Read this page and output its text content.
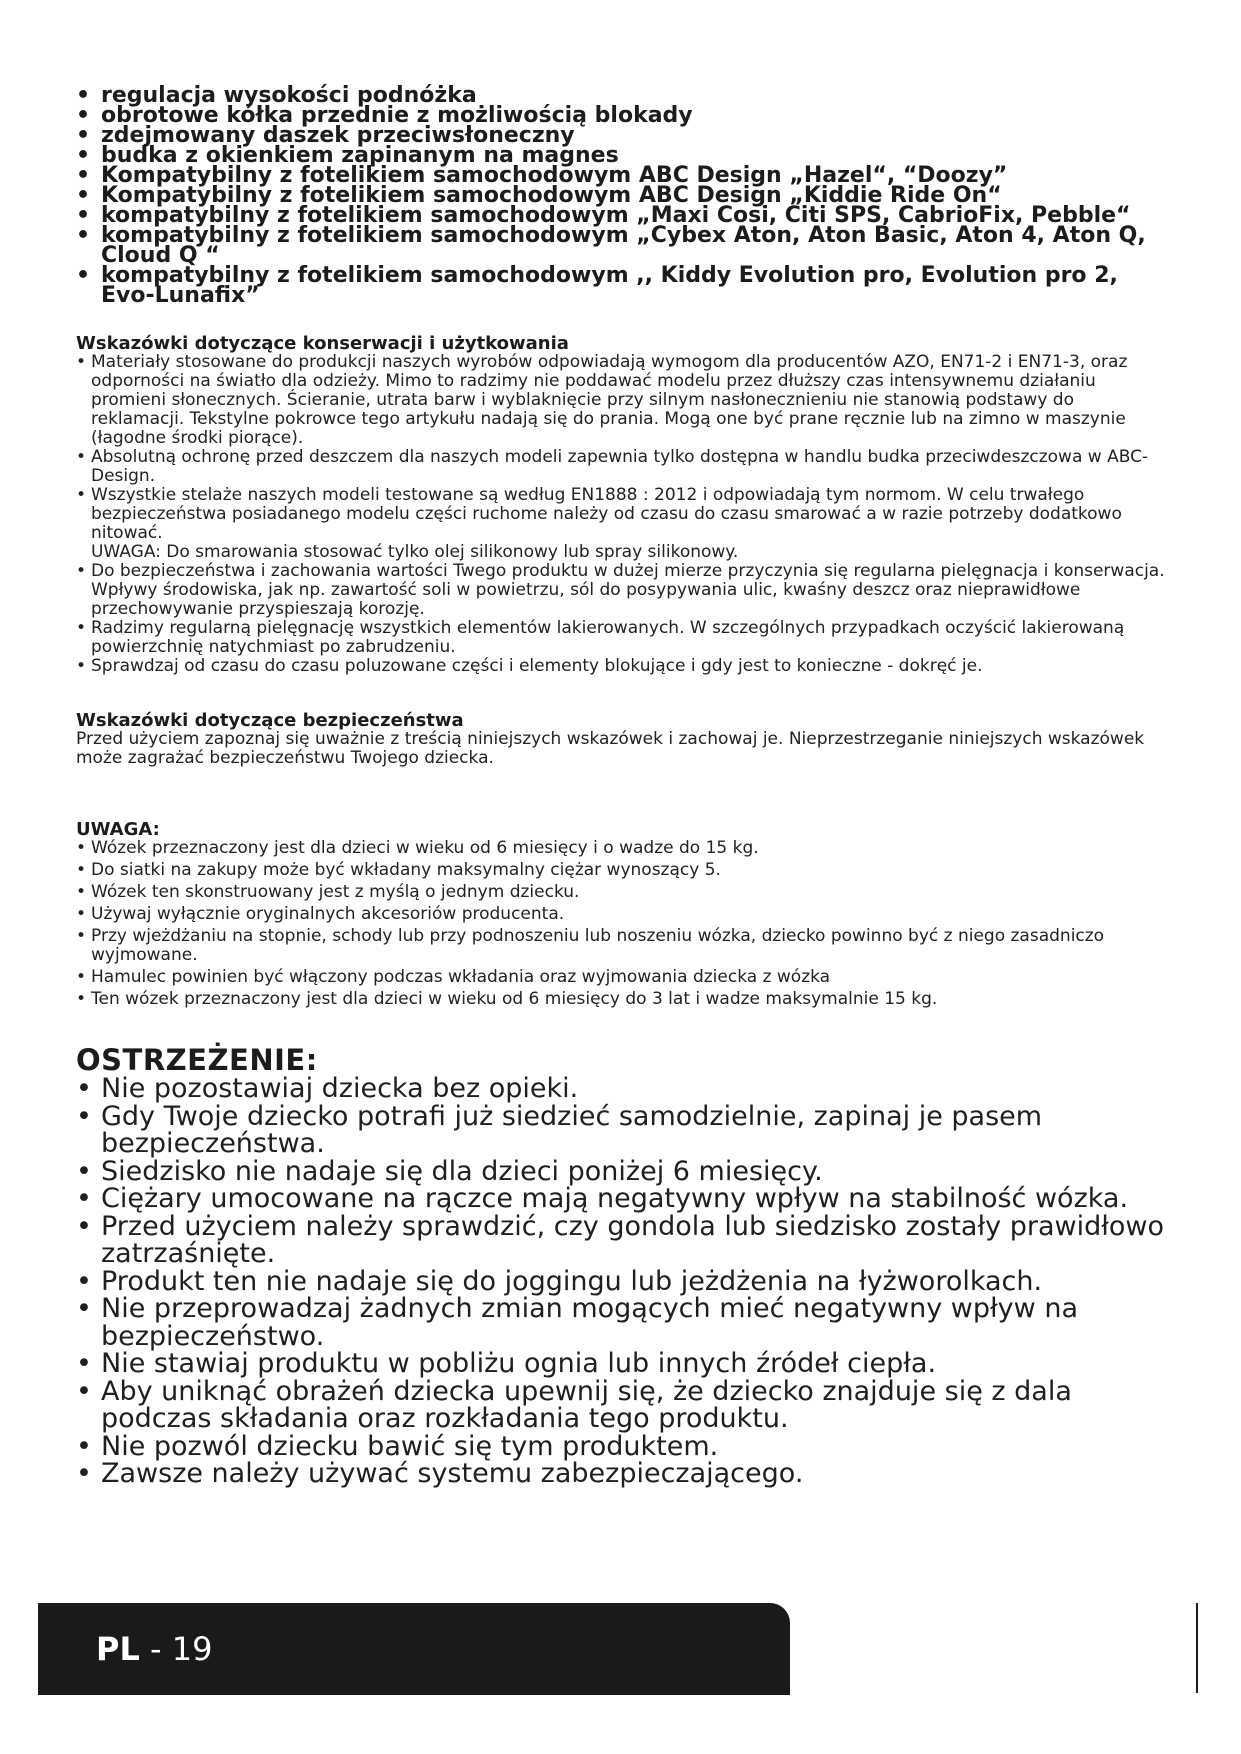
• regulacja wysokości podnóżka
• obrotowe kółka przednie z możliwością blokady
• zdejmowany daszek przeciwsłoneczny
• budka z okienkiem zapinanym na magnes
• Kompatybilny z fotelikiem samochodowym ABC Design „Hazel“, “Doozy”
• Kompatybilny z fotelikiem samochodowym ABC Design „Kiddie Ride On“
• kompatybilny z fotelikiem samochodowym „Maxi Cosi, Citi SPS, CabrioFix, Pebble“
• kompatybilny z fotelikiem samochodowym „Cybex Aton, Aton Basic, Aton 4, Aton Q, Cloud Q “
• kompatybilny z fotelikiem samochodowym ,, Kiddy Evolution pro, Evolution pro 2, Evo-Lunafix”
Wskazówki dotyczące konserwacji i użytkowania
• Materiały stosowane do produkcji naszych wyrobów odpowiadają wymogom dla producentów AZO, EN71-2 i EN71-3, oraz odporności na światło dla odzieży. Mimo to radzimy nie poddawać modelu przez dłuższy czas intensywnemu działaniu promieni słonecznych. Ścieranie, utrata barw i wyblaknięcie przy silnym nasłonecznieniu nie stanowią podstawy do reklamacji. Tekstylne pokrowce tego artykułu nadają się do prania. Mogą one być prane ręcznie lub na zimno w maszynie (łagodne środki piorące).
• Absolutną ochronę przed deszczem dla naszych modeli zapewnia tylko dostępna w handlu budka przeciwdeszczowa w ABC-Design.
• Wszystkie stelaże naszych modeli testowane są według EN1888 : 2012 i odpowiadają tym normom. W celu trwałego bezpieczeństwa posiadanego modelu części ruchome należy od czasu do czasu smarować a w razie potrzeby dodatkowo nitować.
UWAGA: Do smarowania stosować tylko olej silikonowy lub spray silikonowy.
• Do bezpieczeństwa i zachowania wartości Twego produktu w dużej mierze przyczynia się regularna pielęgnacja i konserwacja. Wpływy środowiska, jak np. zawartość soli w powietrzu, sól do posypywania ulic, kwaśny deszcz oraz nieprawidłowe przechowywanie przyspieszają korozję.
• Radzimy regularną pielęgnację wszystkich elementów lakierowanych. W szczególnych przypadkach oczyścić lakierowaną powierzchnię natychmiast po zabrudzeniu.
• Sprawdzaj od czasu do czasu poluzowane części i elementy blokujące i gdy jest to konieczne - dokręć je.
Wskazówki dotyczące bezpieczeństwa

Przed użyciem zapoznaj się uważnie z treścią niniejszych wskazówek i zachowaj je. Nieprzestrzeganie niniejszych wskazówek może zagrażać bezpieczeństwu Twojego dziecka.

UWAGA:
• Wózek przeznaczony jest dla dzieci w wieku od 6 miesięcy i o wadze do 15 kg.
• Do siatki na zakupy może być wkładany maksymalny ciężar wynoszący 5.
• Wózek ten skonstruowany jest z myślą o jednym dziecku.
• Używaj wyłącznie oryginalnych akcesoriów producenta.
• Przy wjeżdżaniu na stopnie, schody lub przy podnoszeniu lub noszeniu wózka, dziecko powinno być z niego zasadniczo wyjmowane.
• Hamulec powinien być włączony podczas wkładania oraz wyjmowania dziecka z wózka
• Ten wózek przeznaczony jest dla dzieci w wieku od 6 miesięcy do 3 lat i wadze maksymalnie 15 kg.
OSTRZEŻENIE:
• Nie pozostawiaj dziecka bez opieki.
• Gdy Twoje dziecko potrafi już siedzieć samodzielnie, zapinaj je pasem bezpieczeństwa.
• Siedzisko nie nadaje się dla dzieci poniżej 6 miesięcy.
• Ciężary umocowane na rączce mają negatywny wpływ na stabilność wózka.
• Przed użyciem należy sprawdzić, czy gondola lub siedzisko zostały prawidłowo zatrzaśnięte.
• Produkt ten nie nadaje się do joggingu lub jeżdżenia na łyżworolkach.
• Nie przeprowadzaj żadnych zmian mogących mieć negatywny wpływ na bezpieczeństwo.
• Nie stawiaj produktu w pobliżu ognia lub innych źródeł ciepła.
• Aby uniknąć obrażeń dziecka upewnij się, że dziecko znajduje się z dala podczas składania oraz rozkładania tego produktu.
• Nie pozwól dziecku bawić się tym produktem.
• Zawsze należy używać systemu zabezpieczającego.
PL - 19
